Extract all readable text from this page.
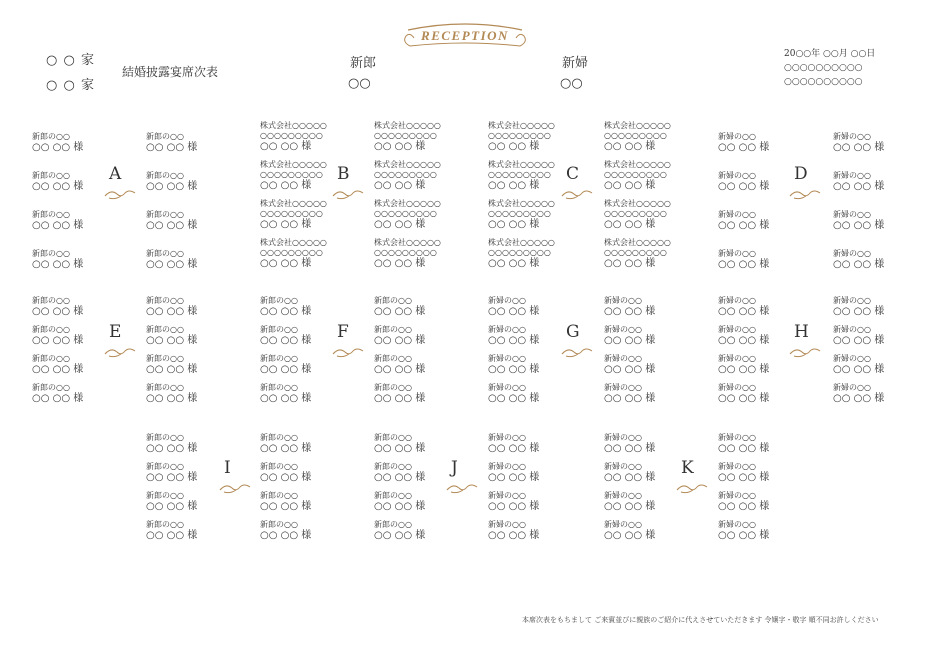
RECEPTION
○ ○ 家
○ ○ 家
結婚披露宴席次表
新郎
○○
新婦
○○
20○○年 ○○月 ○○日
○○○○○○○○○○
○○○○○○○○○○
A
新郎の○○
○○ ○○ 様
新郎の○○
○○ ○○ 様
新郎の○○
○○ ○○ 様
新郎の○○
○○ ○○ 様
新郎の○○
○○ ○○ 様
新郎の○○
○○ ○○ 様
新郎の○○
○○ ○○ 様
新郎の○○
○○ ○○ 様
B
株式会社○○○○○
○○○○○○○○○
○○ ○○ 様
株式会社○○○○○
○○○○○○○○○
○○ ○○ 様
株式会社○○○○○
○○○○○○○○○
○○ ○○ 様
株式会社○○○○○
○○○○○○○○○
○○ ○○ 様
株式会社○○○○○
○○○○○○○○○
○○ ○○ 様
株式会社○○○○○
○○○○○○○○○
○○ ○○ 様
株式会社○○○○○
○○○○○○○○○
○○ ○○ 様
株式会社○○○○○
○○○○○○○○○
○○ ○○ 様
C
株式会社○○○○○
○○○○○○○○○
○○ ○○ 様
株式会社○○○○○
○○○○○○○○○
○○ ○○ 様
株式会社○○○○○
○○○○○○○○○
○○ ○○ 様
株式会社○○○○○
○○○○○○○○○
○○ ○○ 様
株式会社○○○○○
○○○○○○○○○
○○ ○○ 様
株式会社○○○○○
○○○○○○○○○
○○ ○○ 様
株式会社○○○○○
○○○○○○○○○
○○ ○○ 様
株式会社○○○○○
○○○○○○○○○
○○ ○○ 様
D
新婦の○○
○○ ○○ 様
新婦の○○
○○ ○○ 様
新婦の○○
○○ ○○ 様
新婦の○○
○○ ○○ 様
新婦の○○
○○ ○○ 様
新婦の○○
○○ ○○ 様
新婦の○○
○○ ○○ 様
新婦の○○
○○ ○○ 様
E
新郎の○○
○○ ○○ 様
新郎の○○
○○ ○○ 様
新郎の○○
○○ ○○ 様
新郎の○○
○○ ○○ 様
新郎の○○
○○ ○○ 様
新郎の○○
○○ ○○ 様
新郎の○○
○○ ○○ 様
新郎の○○
○○ ○○ 様
F
新郎の○○
○○ ○○ 様
新郎の○○
○○ ○○ 様
新郎の○○
○○ ○○ 様
新郎の○○
○○ ○○ 様
新郎の○○
○○ ○○ 様
新郎の○○
○○ ○○ 様
新郎の○○
○○ ○○ 様
新郎の○○
○○ ○○ 様
G
新婦の○○
○○ ○○ 様
新婦の○○
○○ ○○ 様
新婦の○○
○○ ○○ 様
新婦の○○
○○ ○○ 様
新婦の○○
○○ ○○ 様
新婦の○○
○○ ○○ 様
新婦の○○
○○ ○○ 様
新婦の○○
○○ ○○ 様
H
新婦の○○
○○ ○○ 様
新婦の○○
○○ ○○ 様
新婦の○○
○○ ○○ 様
新婦の○○
○○ ○○ 様
新婦の○○
○○ ○○ 様
新婦の○○
○○ ○○ 様
新婦の○○
○○ ○○ 様
新婦の○○
○○ ○○ 様
I
新郎の○○
○○ ○○ 様
新郎の○○
○○ ○○ 様
新郎の○○
○○ ○○ 様
新郎の○○
○○ ○○ 様
新郎の○○
○○ ○○ 様
新郎の○○
○○ ○○ 様
新郎の○○
○○ ○○ 様
新郎の○○
○○ ○○ 様
J
新郎の○○
○○ ○○ 様
新郎の○○
○○ ○○ 様
新郎の○○
○○ ○○ 様
新郎の○○
○○ ○○ 様
新婦の○○
○○ ○○ 様
新婦の○○
○○ ○○ 様
新婦の○○
○○ ○○ 様
新婦の○○
○○ ○○ 様
K
新婦の○○
○○ ○○ 様
新婦の○○
○○ ○○ 様
新婦の○○
○○ ○○ 様
新婦の○○
○○ ○○ 様
新婦の○○
○○ ○○ 様
新婦の○○
○○ ○○ 様
新婦の○○
○○ ○○ 様
新婦の○○
○○ ○○ 様
本席次表をもちまして ご来賓並びに親族のご紹介に代えさせていただきます 令嬢字・敬字 順不同お許しください
